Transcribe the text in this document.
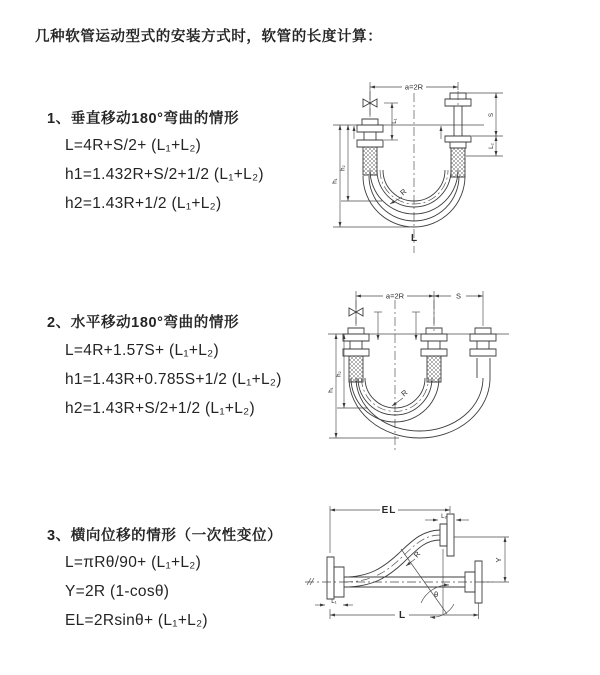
几种软管运动型式的安装方式时，软管的长度计算：
1、垂直移动180°弯曲的情形
L=4R+S/2+ (L₁+L₂)
h1=1.432R+S/2+1/2 (L₁+L₂)
h2=1.43R+1/2 (L₁+L₂)
2、水平移动180°弯曲的情形
L=4R+1.57S+ (L₁+L₂)
h1=1.43R+0.785S+1/2 (L₁+L₂)
h2=1.43R+S/2+1/2 (L₁+L₂)
3、横向位移的情形（一次性变位）
L=πRθ/90+ (L₁+L₂)
Y=2R (1-cosθ)
EL=2Rsinθ+ (L₁+L₂)
a=2R
L₁
S
L₂
h₁
h₂
R
L
a=2R	S
h₁
h₂
R
EL
L₂
Y
θ
R
L₁
L
